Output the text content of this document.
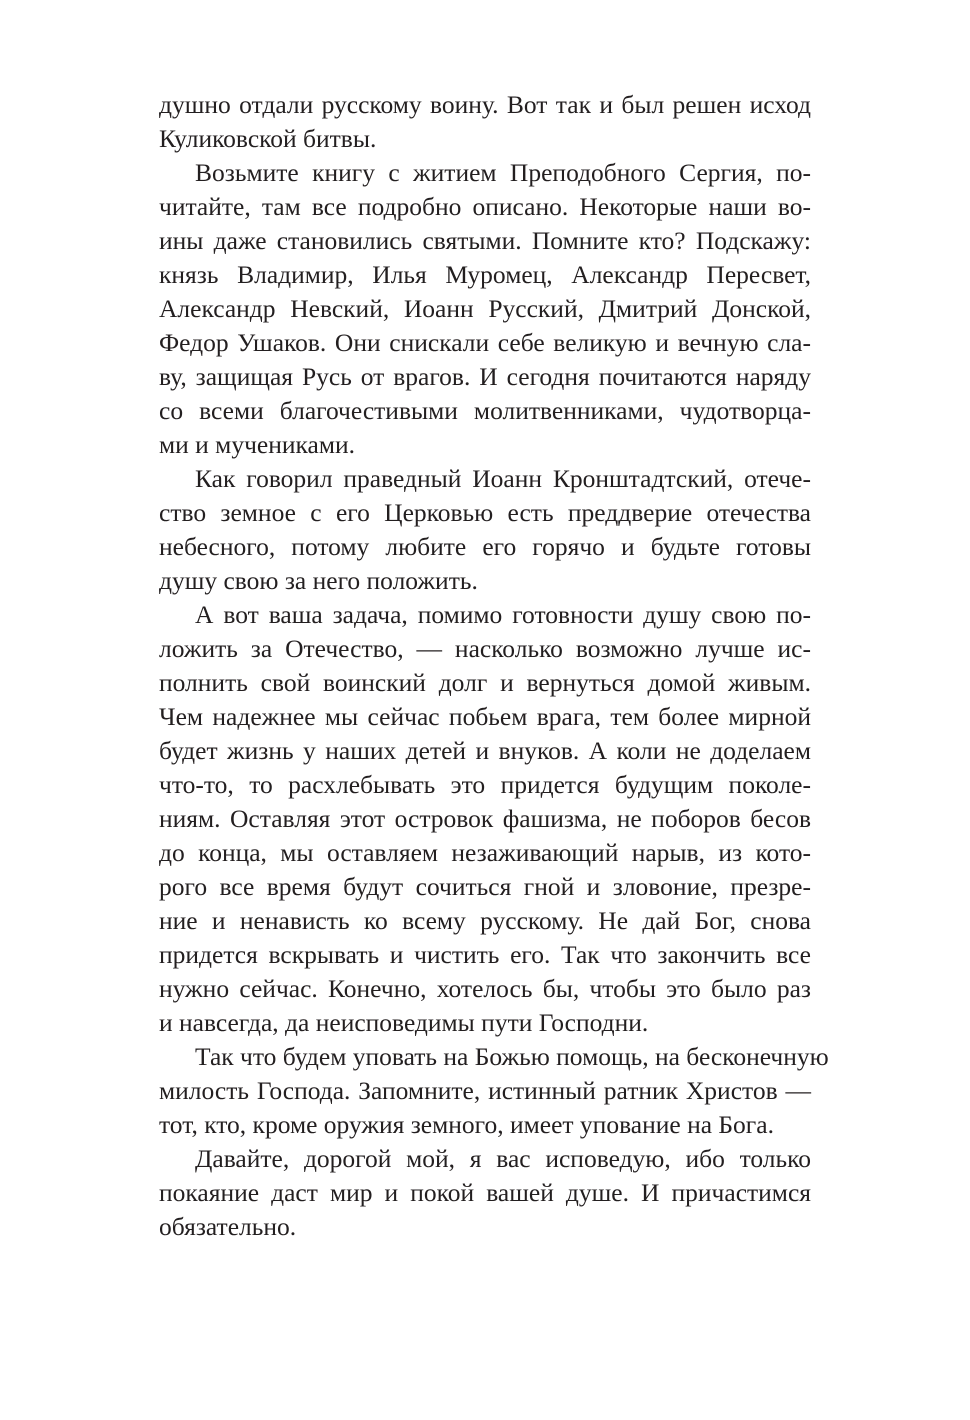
душно отдали русскому воину. Вот так и был решен исход
Куликовской битвы.
Возьмите книгу с житием Преподобного Сергия, по-
читайте, там все подробно описано. Некоторые наши во-
ины даже становились святыми. Помните кто? Подскажу:
князь Владимир, Илья Муромец, Александр Пересвет,
Александр Невский, Иоанн Русский, Дмитрий Донской,
Федор Ушаков. Они снискали себе великую и вечную сла-
ву, защищая Русь от врагов. И сегодня почитаются наряду
со всеми благочестивыми молитвенниками, чудотворца-
ми и мучениками.
Как говорил праведный Иоанн Кронштадтский, отече-
ство земное с его Церковью есть преддверие отечества
небесного, потому любите его горячо и будьте готовы
душу свою за него положить.
А вот ваша задача, помимо готовности душу свою по-
ложить за Отечество, — насколько возможно лучше ис-
полнить свой воинский долг и вернуться домой живым.
Чем надежнее мы сейчас побьем врага, тем более мирной
будет жизнь у наших детей и внуков. А коли не доделаем
что-то, то расхлебывать это придется будущим поколе-
ниям. Оставляя этот островок фашизма, не поборов бесов
до конца, мы оставляем незаживающий нарыв, из кото-
рого все время будут сочиться гной и зловоние, презре-
ние и ненависть ко всему русскому. Не дай Бог, снова
придется вскрывать и чистить его. Так что закончить все
нужно сейчас. Конечно, хотелось бы, чтобы это было раз
и навсегда, да неисповедимы пути Господни.
Так что будем уповать на Божью помощь, на бесконечную
милость Господа. Запомните, истинный ратник Христов —
тот, кто, кроме оружия земного, имеет упование на Бога.
Давайте, дорогой мой, я вас исповедую, ибо только
покаяние даст мир и покой вашей душе. И причастимся
обязательно.
